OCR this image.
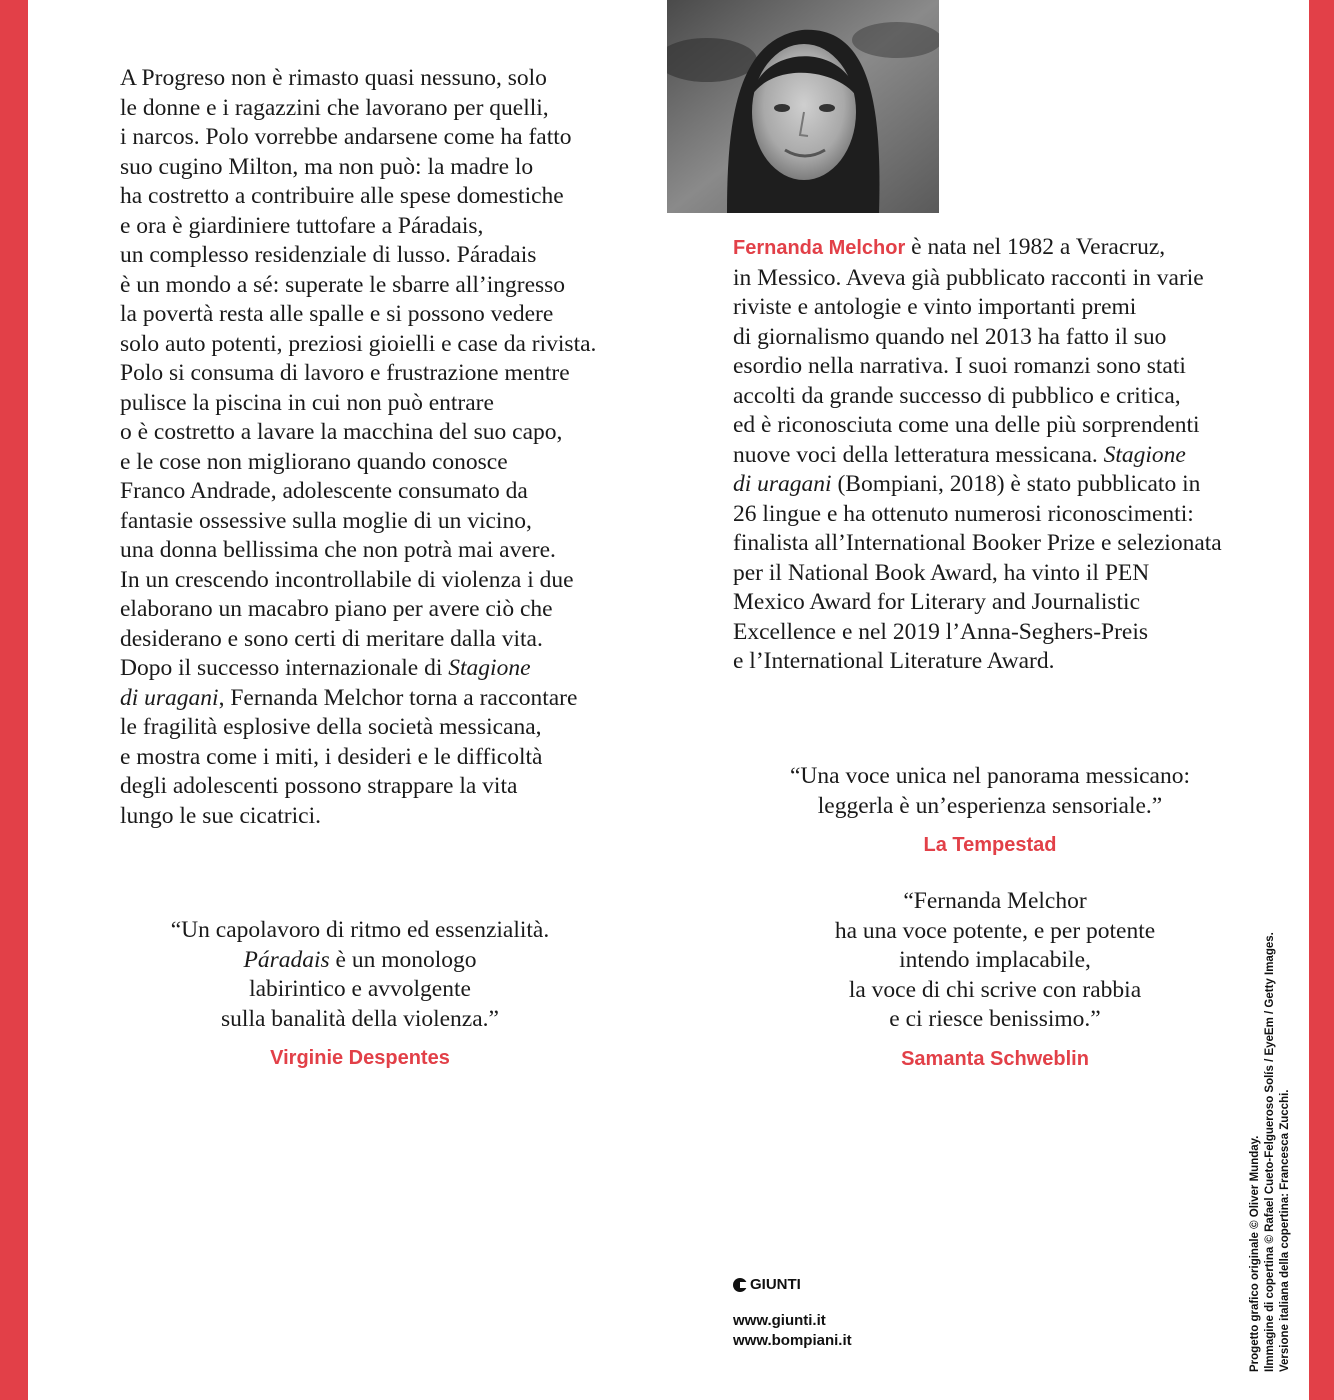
A Progreso non è rimasto quasi nessuno, solo
le donne e i ragazzini che lavorano per quelli,
i narcos. Polo vorrebbe andarsene come ha fatto
suo cugino Milton, ma non può: la madre lo
ha costretto a contribuire alle spese domestiche
e ora è giardiniere tuttofare a Páradais,
un complesso residenziale di lusso. Páradais
è un mondo a sé: superate le sbarre all’ingresso
la povertà resta alle spalle e si possono vedere
solo auto potenti, preziosi gioielli e case da rivista.
Polo si consuma di lavoro e frustrazione mentre
pulisce la piscina in cui non può entrare
o è costretto a lavare la macchina del suo capo,
e le cose non migliorano quando conosce
Franco Andrade, adolescente consumato da
fantasie ossessive sulla moglie di un vicino,
una donna bellissima che non potrà mai avere.
In un crescendo incontrollabile di violenza i due
elaborano un macabro piano per avere ciò che
desiderano e sono certi di meritare dalla vita.
Dopo il successo internazionale di Stagione
di uragani, Fernanda Melchor torna a raccontare
le fragilità esplosive della società messicana,
e mostra come i miti, i desideri e le difficoltà
degli adolescenti possono strappare la vita
lungo le sue cicatrici.
Fernanda Melchor è nata nel 1982 a Veracruz,
in Messico. Aveva già pubblicato racconti in varie
riviste e antologie e vinto importanti premi
di giornalismo quando nel 2013 ha fatto il suo
esordio nella narrativa. I suoi romanzi sono stati
accolti da grande successo di pubblico e critica,
ed è riconosciuta come una delle più sorprendenti
nuove voci della letteratura messicana. Stagione
di uragani (Bompiani, 2018) è stato pubblicato in
26 lingue e ha ottenuto numerosi riconoscimenti:
finalista all’International Booker Prize e selezionata
per il National Book Award, ha vinto il PEN
Mexico Award for Literary and Journalistic
Excellence e nel 2019 l’Anna-Seghers-Preis
e l’International Literature Award.
“Un capolavoro di ritmo ed essenzialità.
Páradais è un monologo
labirintico e avvolgente
sulla banalità della violenza.”
Virginie Despentes
“Una voce unica nel panorama messicano:
leggerla è un’esperienza sensoriale.”
La Tempestad
“Fernanda Melchor
ha una voce potente, e per potente
intendo implacabile,
la voce di chi scrive con rabbia
e ci riesce benissimo.”
Samanta Schweblin
GIUNTI
www.giunti.it
www.bompiani.it	Progetto grafico originale © Oliver Munday. Ilmmagine di copertina © Rafael Cueto-Felgueroso Solís / EyeEm / Getty Images. Versione italiana della copertina: Francesca Zucchi.
